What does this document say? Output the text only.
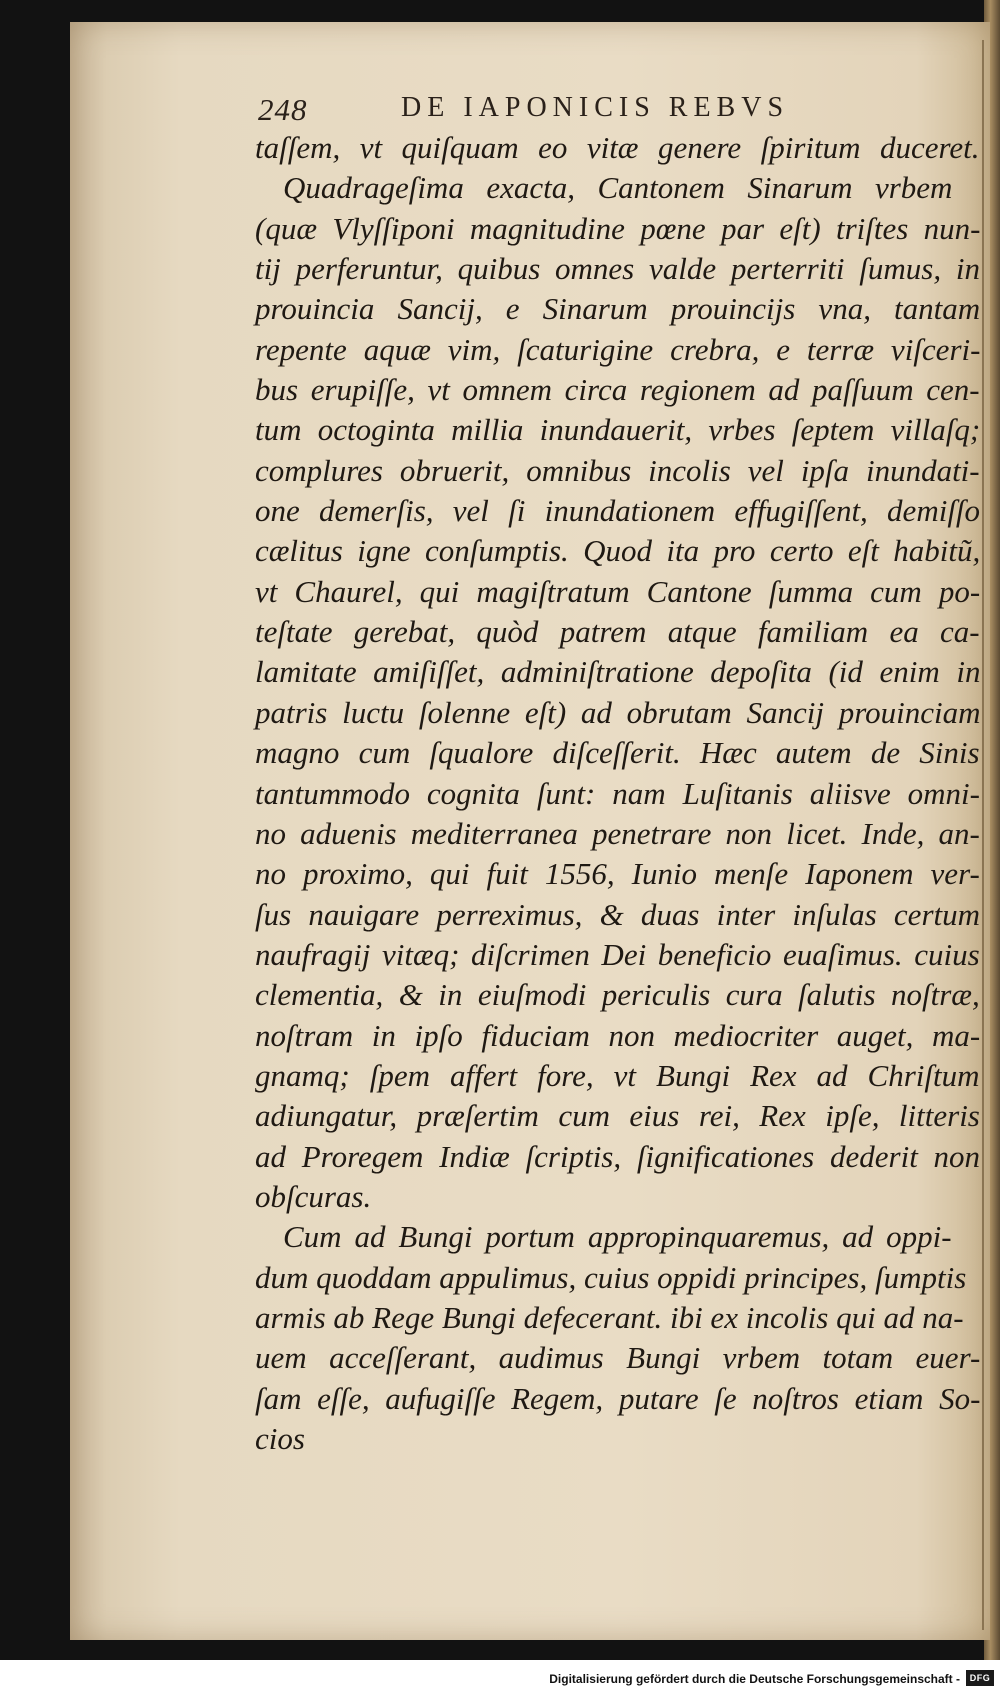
248	DE IAPONICIS REBVS
taſſem, vt quiſquam eo vitæ genere ſpiritum duceret.
Quadrageſima exacta, Cantonem Sinarum vrbem
(quæ Vlyſſiponi magnitudine pœne par eſt) triſtes nun-
tij perferuntur, quibus omnes valde perterriti ſumus, in
prouincia Sancij, e Sinarum prouincijs vna, tantam
repente aquæ vim, ſcaturigine crebra, e terræ viſceri-
bus erupiſſe, vt omnem circa regionem ad paſſuum cen-
tum octoginta millia inundauerit, vrbes ſeptem villaſq;
complures obruerit, omnibus incolis vel ipſa inundati-
one demerſis, vel ſi inundationem effugiſſent, demiſſo
cælitus igne conſumptis. Quod ita pro certo eſt habitũ,
vt Chaurel, qui magiſtratum Cantone ſumma cum po-
teſtate gerebat, quòd patrem atque familiam ea ca-
lamitate amiſiſſet, adminiſtratione depoſita (id enim in
patris luctu ſolenne eſt) ad obrutam Sancij prouinciam
magno cum ſqualore diſceſſerit. Hæc autem de Sinis
tantummodo cognita ſunt: nam Luſitanis aliisve omni-
no aduenis mediterranea penetrare non licet. Inde, an-
no proximo, qui fuit 1556, Iunio menſe Iaponem ver-
ſus nauigare perreximus, & duas inter inſulas certum
naufragij vitæq; diſcrimen Dei beneficio euaſimus. cuius
clementia, & in eiuſmodi periculis cura ſalutis noſtræ,
noſtram in ipſo fiduciam non mediocriter auget, ma-
gnamq; ſpem affert fore, vt Bungi Rex ad Chriſtum
adiungatur, præſertim cum eius rei, Rex ipſe, litteris
ad Proregem Indiæ ſcriptis, ſignificationes dederit non
obſcuras.
Cum ad Bungi portum appropinquaremus, ad oppi-
dum quoddam appulimus, cuius oppidi principes, ſumptis
armis ab Rege Bungi defecerant. ibi ex incolis qui ad na-
uem acceſſerant, audimus Bungi vrbem totam euer-
ſam eſſe, aufugiſſe Regem, putare ſe noſtros etiam So-
cios
Digitalisierung gefördert durch die Deutsche Forschungsgemeinschaft -	DFG
